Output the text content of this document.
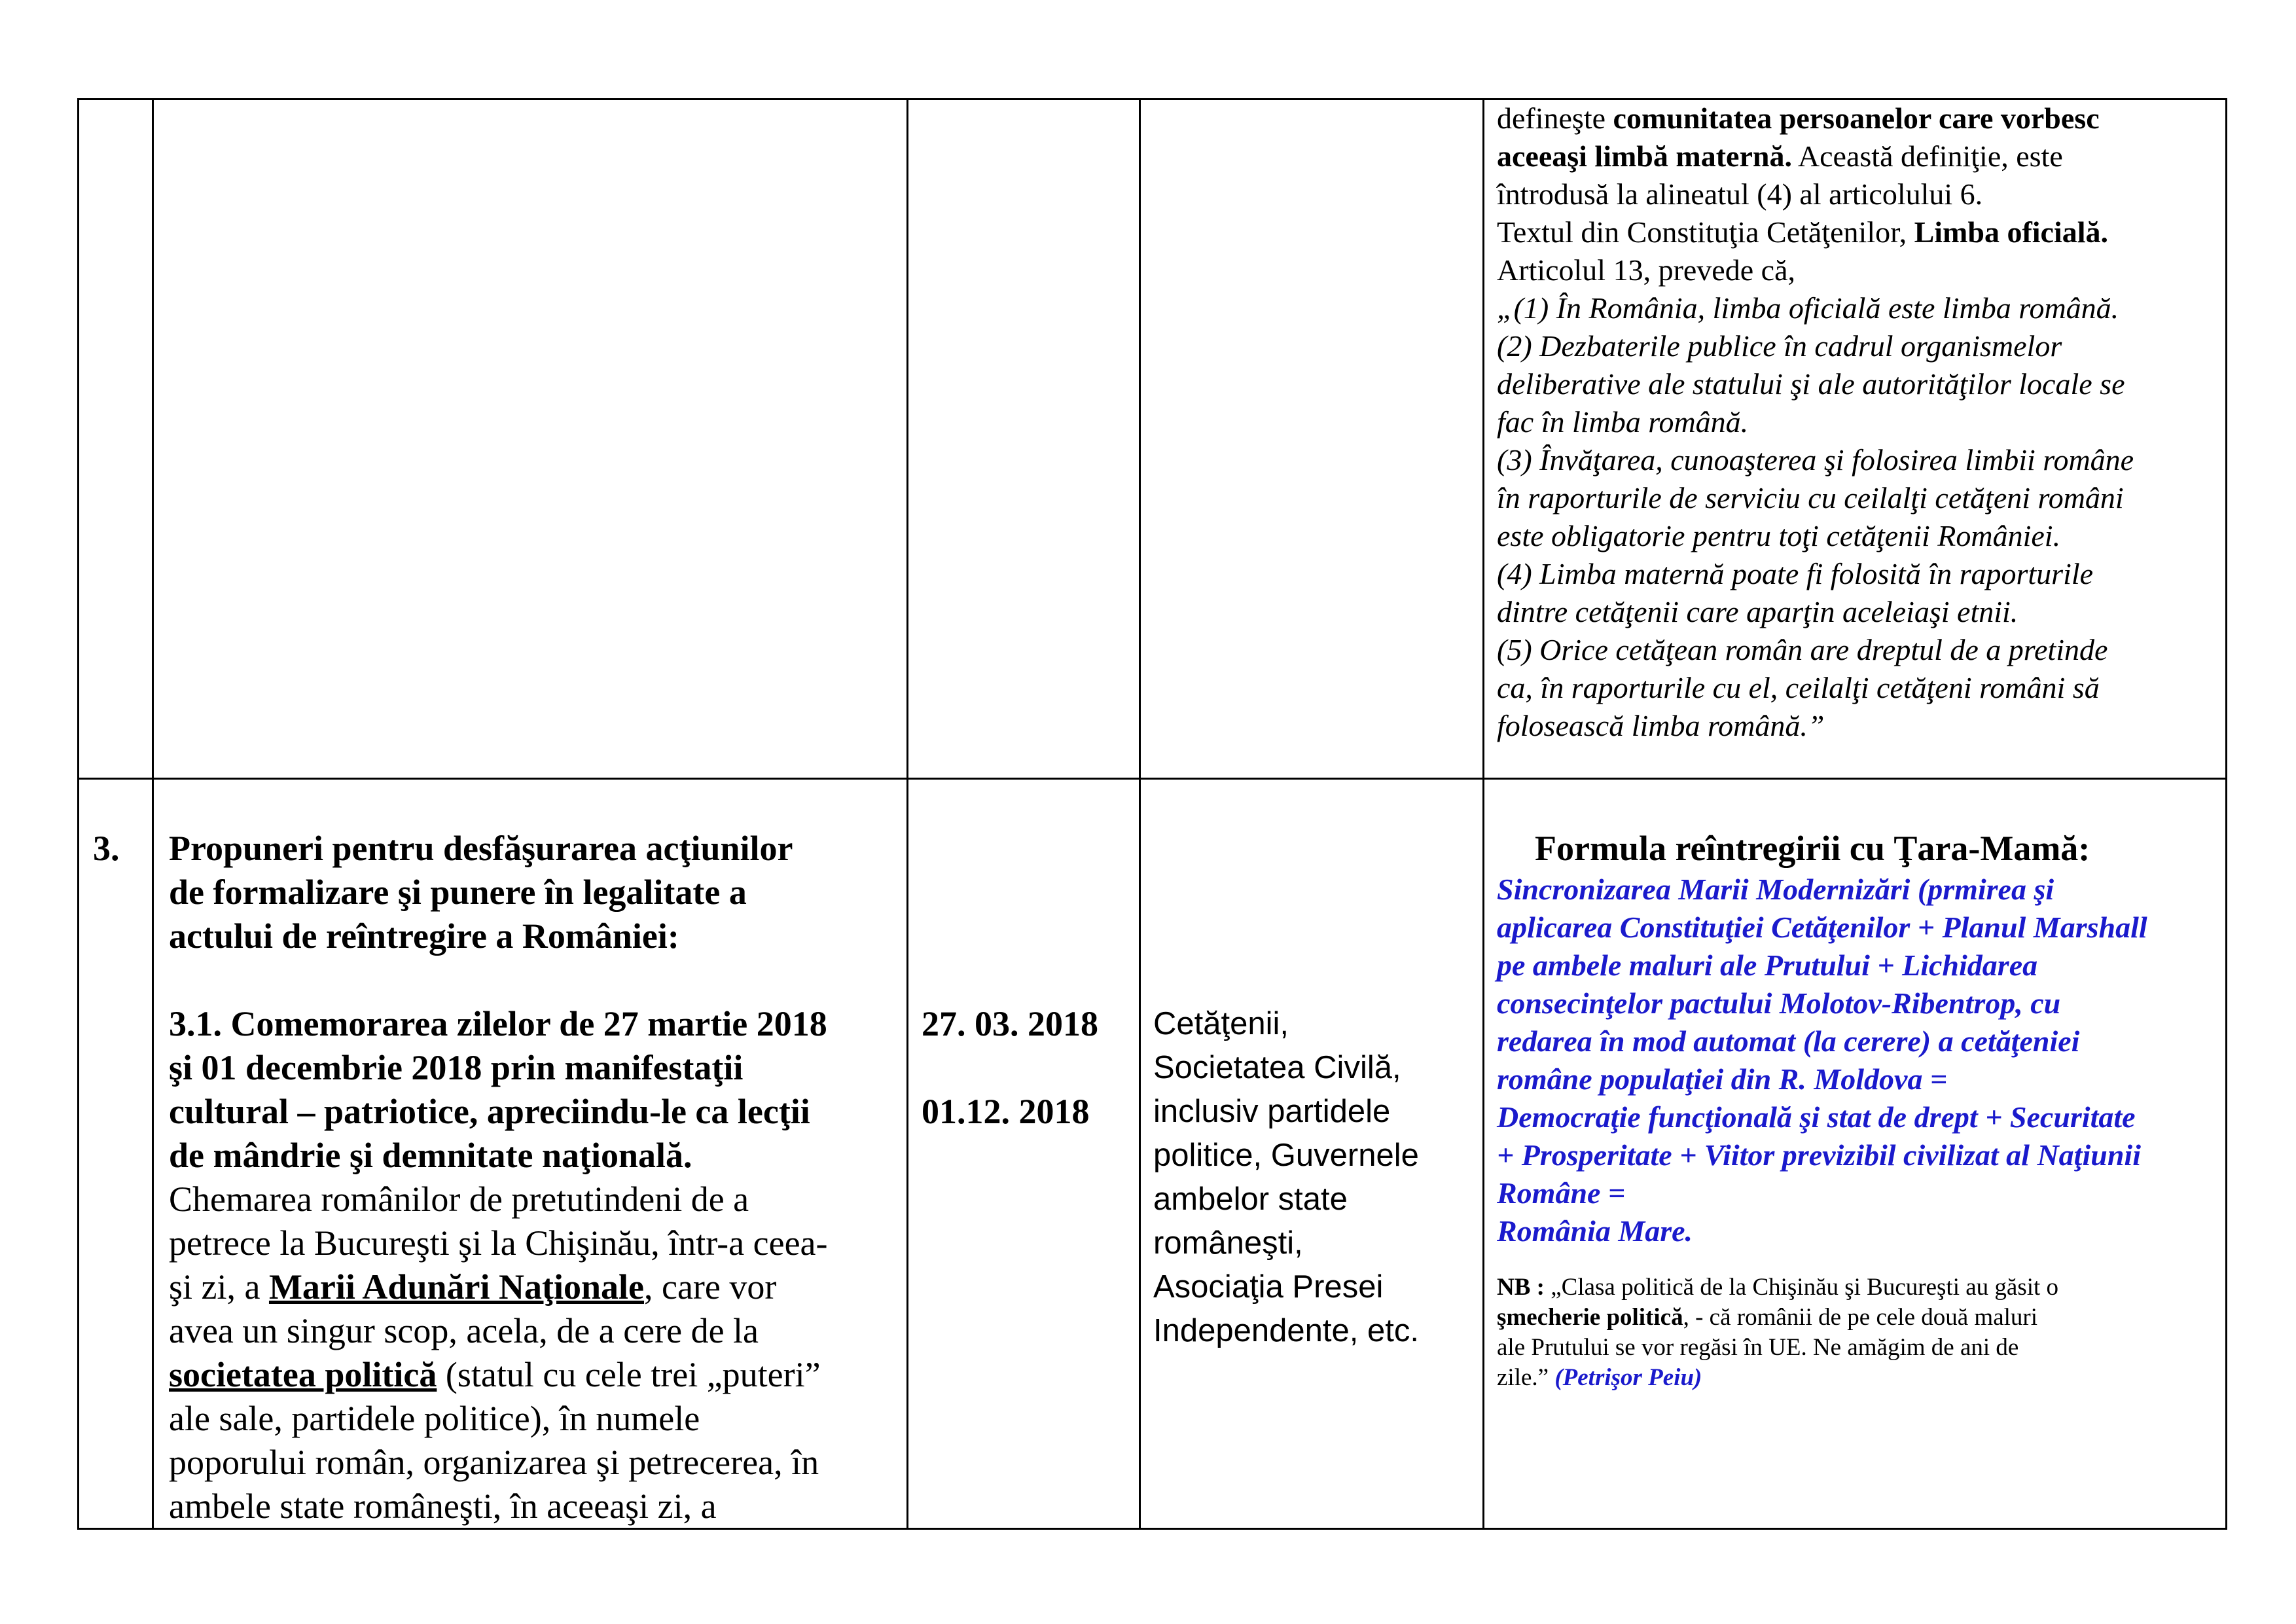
defineşte comunitatea persoanelor care vorbesc
aceeaşi limbă maternă. Această definiţie, este
întrodusă la alineatul (4) al articolului 6.
Textul din Constituţia Cetăţenilor, Limba oficială.
Articolul 13, prevede că,
„(1) În România, limba oficială este limba română.
(2) Dezbaterile publice în cadrul organismelor
deliberative ale statului şi ale autorităţilor locale se
fac în limba română.
(3) Învăţarea, cunoaşterea şi folosirea limbii române
în raporturile de serviciu cu ceilalţi cetăţeni români
este obligatorie pentru toţi cetăţenii României.
(4) Limba maternă poate fi folosită în raporturile
dintre cetăţenii care aparţin aceleiaşi etnii.
(5) Orice cetăţean român are dreptul de a pretinde
ca, în raporturile cu el, ceilalţi cetăţeni români să
folosească limba română.”
3. Propuneri pentru desfăşurarea acţiunilor
de formalizare şi punere în legalitate a
actului de reîntregire a României:

3.1. Comemorarea zilelor de 27 martie 2018
şi 01 decembrie 2018 prin manifestaţii
cultural – patriotice, apreciindu-le ca lecţii
de mândrie şi demnitate naţională.
Chemarea românilor de pretutindeni de a
petrece la Bucureşti şi la Chişinău, într-a ceea-
şi zi, a Marii Adunări Naţionale, care vor
avea un singur scop, acela, de a cere de la
societatea politică (statul cu cele trei „puteri”
ale sale, partidele politice), în numele
poporului român, organizarea şi petrecerea, în
ambele state româneşti, în aceeaşi zi, a
27. 03. 2018

01.12. 2018
Cetăţenii,
Societatea Civilă,
inclusiv partidele
politice, Guvernele
ambelor state
româneşti,
Asociaţia Presei
Independente, etc.
Formula reîntregirii cu Ţara-Mamă:
Sincronizarea Marii Modernizări (prmirea şi
aplicarea Constituţiei Cetăţenilor + Planul Marshall
pe ambele maluri ale Prutului + Lichidarea
consecinţelor pactului Molotov-Ribentrop, cu
redarea în mod automat (la cerere) a cetăţeniei
române populaţiei din R. Moldova =
Democraţie funcţională şi stat de drept + Securitate
+ Prosperitate + Viitor previzibil civilizat al Naţiunii
Române =
România Mare.
NB : „Clasa politică de la Chişinău şi Bucureşti au găsit o
şmecherie politică, - că românii de pe cele două maluri
ale Prutului se vor regăsi în UE. Ne amăgim de ani de
zile.” (Petrişor Peiu)
